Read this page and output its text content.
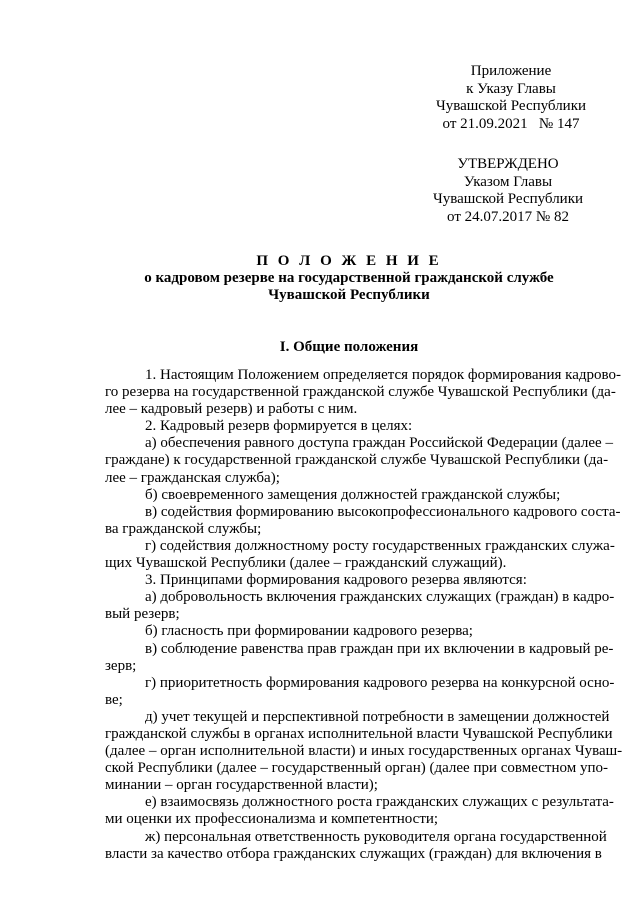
Приложение
к Указу Главы
Чувашской Республики
от 21.09.2021   № 147
УТВЕРЖДЕНО
Указом Главы
Чувашской Республики
от 24.07.2017 № 82
П О Л О Ж Е Н И Е
о кадровом резерве на государственной гражданской службе
Чувашской Республики
I. Общие положения
1. Настоящим Положением определяется порядок формирования кадрово-
го резерва на государственной гражданской службе Чувашской Республики (да-
лее – кадровый резерв) и работы с ним.
2. Кадровый резерв формируется в целях:
а) обеспечения равного доступа граждан Российской Федерации (далее –
граждане) к государственной гражданской службе Чувашской Республики (да-
лее – гражданская служба);
б) своевременного замещения должностей гражданской службы;
в) содействия формированию высокопрофессионального кадрового соста-
ва гражданской службы;
г) содействия должностному росту государственных гражданских служа-
щих Чувашской Республики (далее – гражданский служащий).
3. Принципами формирования кадрового резерва являются:
а) добровольность включения гражданских служащих (граждан) в кадро-
вый резерв;
б) гласность при формировании кадрового резерва;
в) соблюдение равенства прав граждан при их включении в кадровый ре-
зерв;
г) приоритетность формирования кадрового резерва на конкурсной осно-
ве;
д) учет текущей и перспективной потребности в замещении должностей
гражданской службы в органах исполнительной власти Чувашской Республики
(далее – орган исполнительной власти) и иных государственных органах Чуваш-
ской Республики (далее – государственный орган) (далее при совместном упо-
минании – орган государственной власти);
е) взаимосвязь должностного роста гражданских служащих с результата-
ми оценки их профессионализма и компетентности;
ж) персональная ответственность руководителя органа государственной
власти за качество отбора гражданских служащих (граждан) для включения в
